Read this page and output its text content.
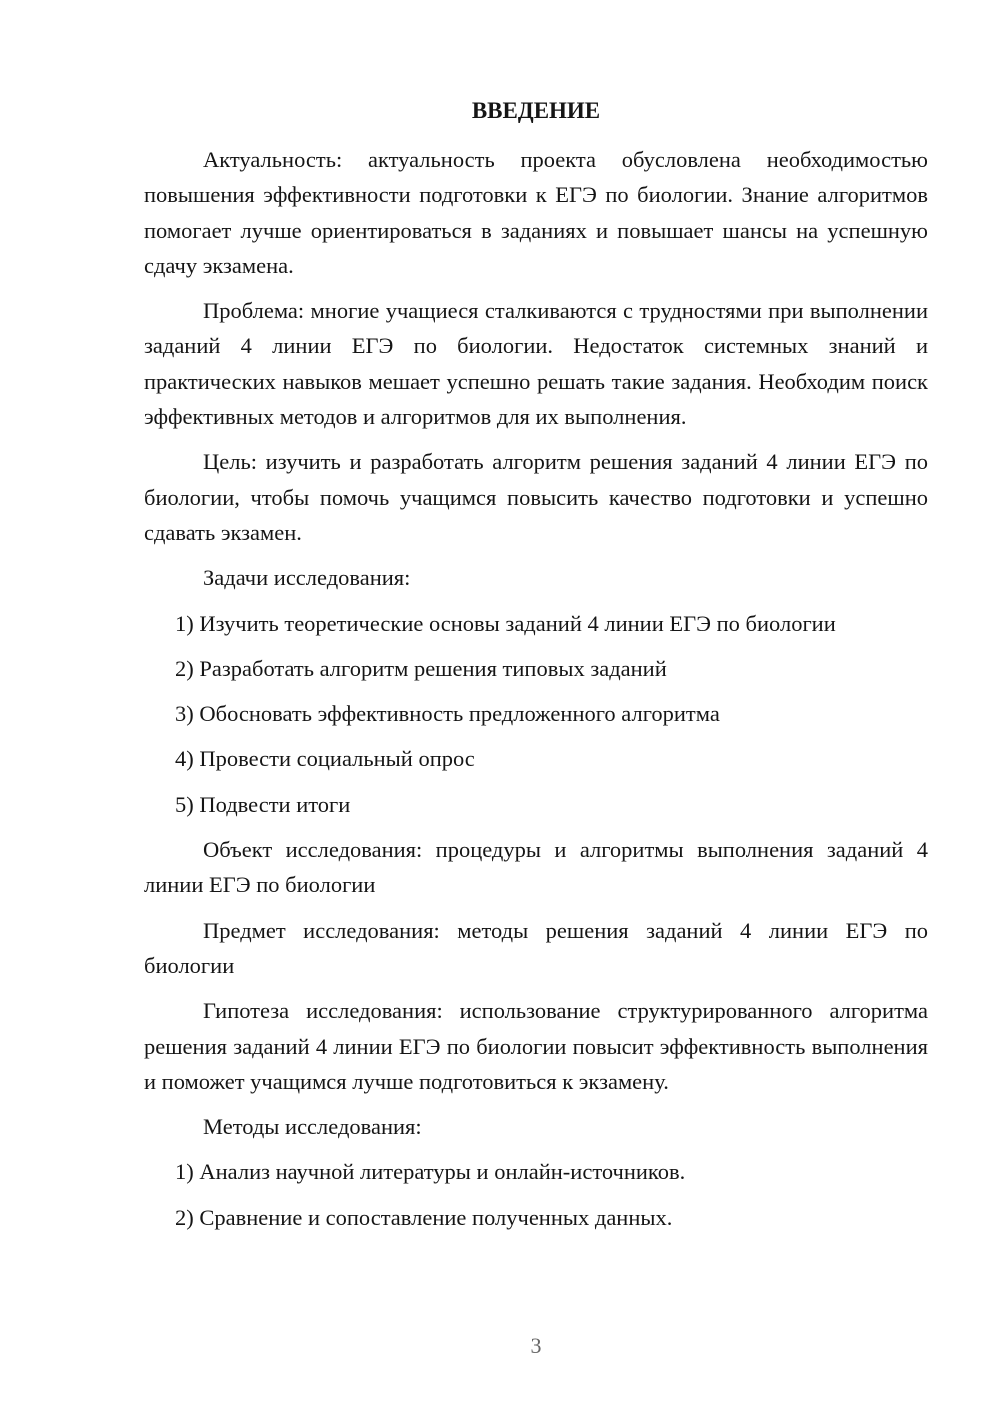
ВВЕДЕНИЕ

Актуальность: актуальность проекта обусловлена необходимостью повышения эффективности подготовки к ЕГЭ по биологии. Знание алгоритмов помогает лучше ориентироваться в заданиях и повышает шансы на успешную сдачу экзамена.

Проблема: многие учащиеся сталкиваются с трудностями при выполнении заданий 4 линии ЕГЭ по биологии. Недостаток системных знаний и практических навыков мешает успешно решать такие задания. Необходим поиск эффективных методов и алгоритмов для их выполнения.

Цель: изучить и разработать алгоритм решения заданий 4 линии ЕГЭ по биологии, чтобы помочь учащимся повысить качество подготовки и успешно сдавать экзамен.

Задачи исследования:

1) Изучить теоретические основы заданий 4 линии ЕГЭ по биологии

2) Разработать алгоритм решения типовых заданий

3) Обосновать эффективность предложенного алгоритма

4) Провести социальный опрос

5) Подвести итоги

Объект исследования: процедуры и алгоритмы выполнения заданий 4 линии ЕГЭ по биологии

Предмет исследования: методы решения заданий 4 линии ЕГЭ по биологии

Гипотеза исследования: использование структурированного алгоритма решения заданий 4 линии ЕГЭ по биологии повысит эффективность выполнения и поможет учащимся лучше подготовиться к экзамену.

Методы исследования:

1) Анализ научной литературы и онлайн-источников.

2) Сравнение и сопоставление полученных данных.

3
